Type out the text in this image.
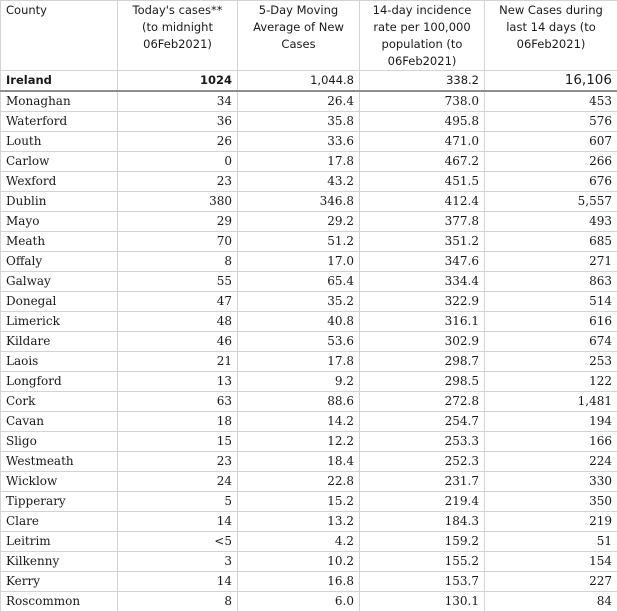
County	Today's cases** (to midnight 06Feb2021)	5-Day Moving Average of New Cases	14-day incidence rate per 100,000 population (to 06Feb2021)	New Cases during last 14 days (to 06Feb2021)
Ireland	1024	1,044.8	338.2	16,106
Monaghan	34	26.4	738.0	453
Waterford	36	35.8	495.8	576
Louth	26	33.6	471.0	607
Carlow	0	17.8	467.2	266
Wexford	23	43.2	451.5	676
Dublin	380	346.8	412.4	5,557
Mayo	29	29.2	377.8	493
Meath	70	51.2	351.2	685
Offaly	8	17.0	347.6	271
Galway	55	65.4	334.4	863
Donegal	47	35.2	322.9	514
Limerick	48	40.8	316.1	616
Kildare	46	53.6	302.9	674
Laois	21	17.8	298.7	253
Longford	13	9.2	298.5	122
Cork	63	88.6	272.8	1,481
Cavan	18	14.2	254.7	194
Sligo	15	12.2	253.3	166
Westmeath	23	18.4	252.3	224
Wicklow	24	22.8	231.7	330
Tipperary	5	15.2	219.4	350
Clare	14	13.2	184.3	219
Leitrim	<5	4.2	159.2	51
Kilkenny	3	10.2	155.2	154
Kerry	14	16.8	153.7	227
Roscommon	8	6.0	130.1	84
